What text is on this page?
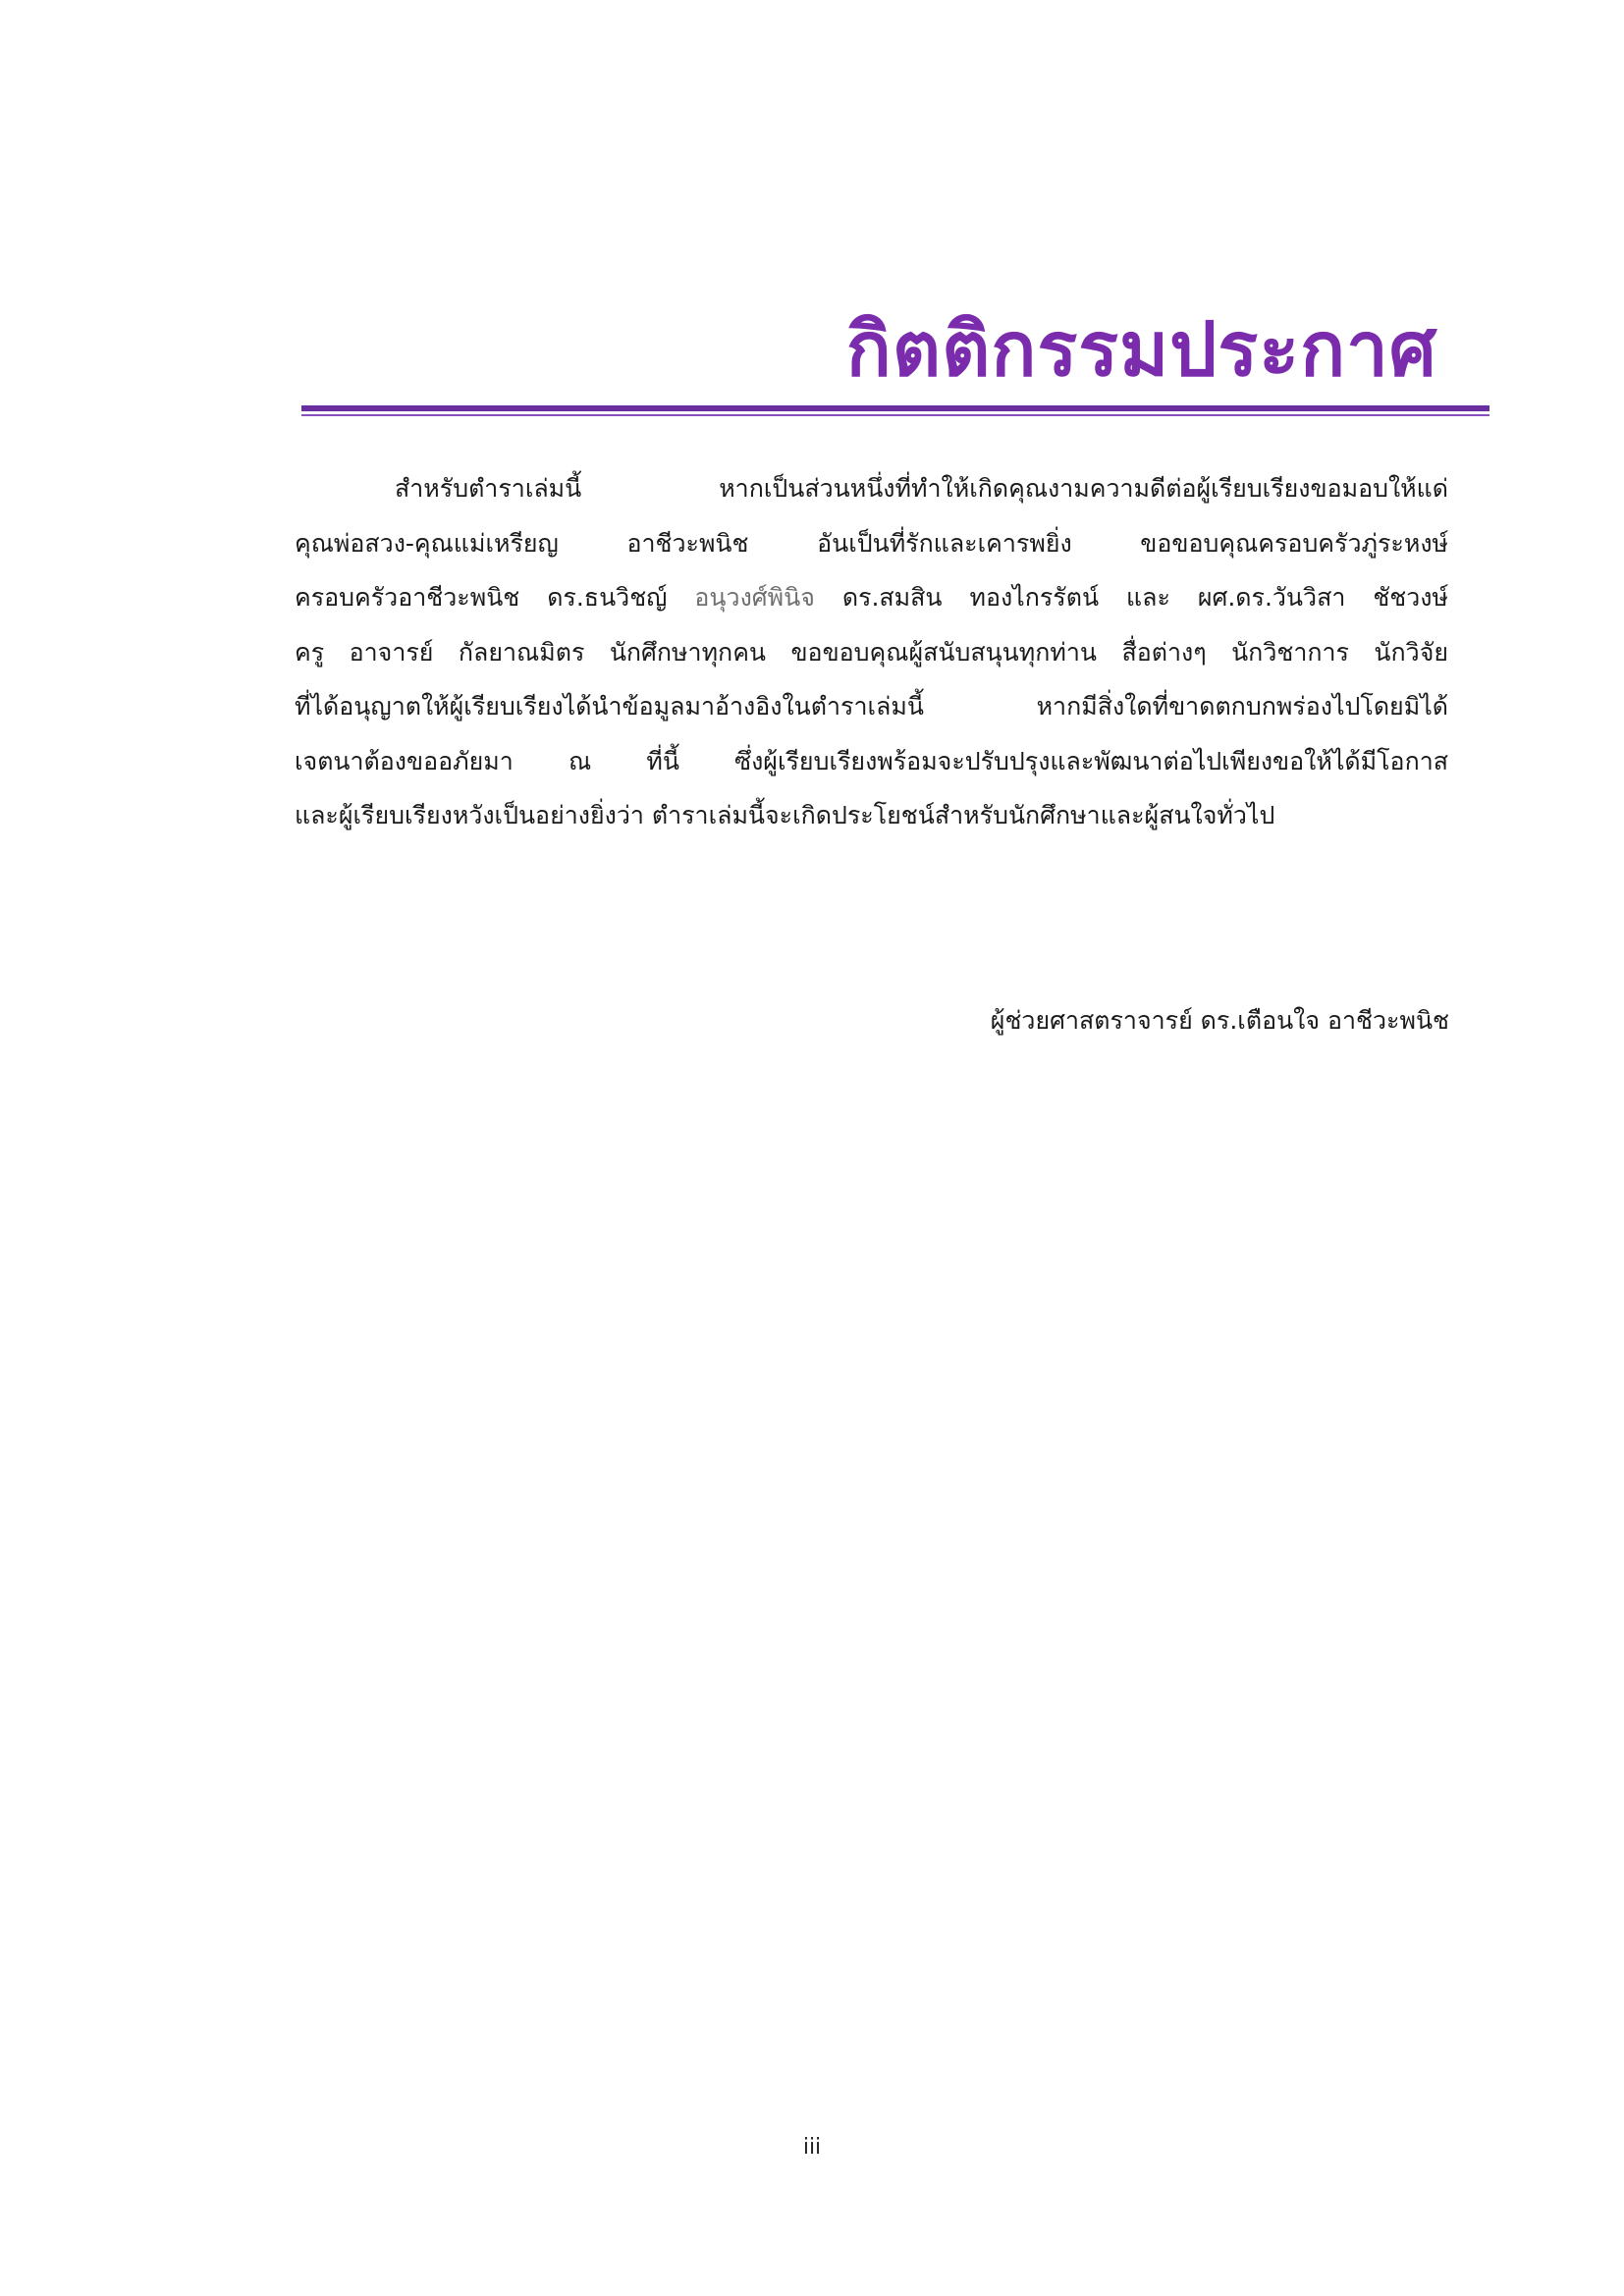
กิตติกรรมประกาศ
สำหรับตำราเล่มนี้ หากเป็นส่วนหนึ่งที่ทำให้เกิดคุณงามความดีต่อผู้เรียบเรียงขอมอบให้แด่
คุณพ่อสวง-คุณแม่เหรียญ อาชีวะพนิช อันเป็นที่รักและเคารพยิ่ง ขอขอบคุณครอบครัวภู่ระหงษ์
ครอบครัวอาชีวะพนิช ดร.ธนวิชญ์ อนุวงศ์พินิจ ดร.สมสิน ทองไกรรัตน์ และ ผศ.ดร.วันวิสา ชัชวงษ์
ครู อาจารย์ กัลยาณมิตร นักศึกษาทุกคน ขอขอบคุณผู้สนับสนุนทุกท่าน สื่อต่างๆ นักวิชาการ นักวิจัย
ที่ได้อนุญาตให้ผู้เรียบเรียงได้นำข้อมูลมาอ้างอิงในตำราเล่มนี้ หากมีสิ่งใดที่ขาดตกบกพร่องไปโดยมิได้
เจตนาต้องขออภัยมา ณ ที่นี้ ซึ่งผู้เรียบเรียงพร้อมจะปรับปรุงและพัฒนาต่อไปเพียงขอให้ได้มีโอกาส
และผู้เรียบเรียงหวังเป็นอย่างยิ่งว่า ตำราเล่มนี้จะเกิดประโยชน์สำหรับนักศึกษาและผู้สนใจทั่วไป

ผู้ช่วยศาสตราจารย์ ดร.เตือนใจ อาชีวะพนิช

iii
